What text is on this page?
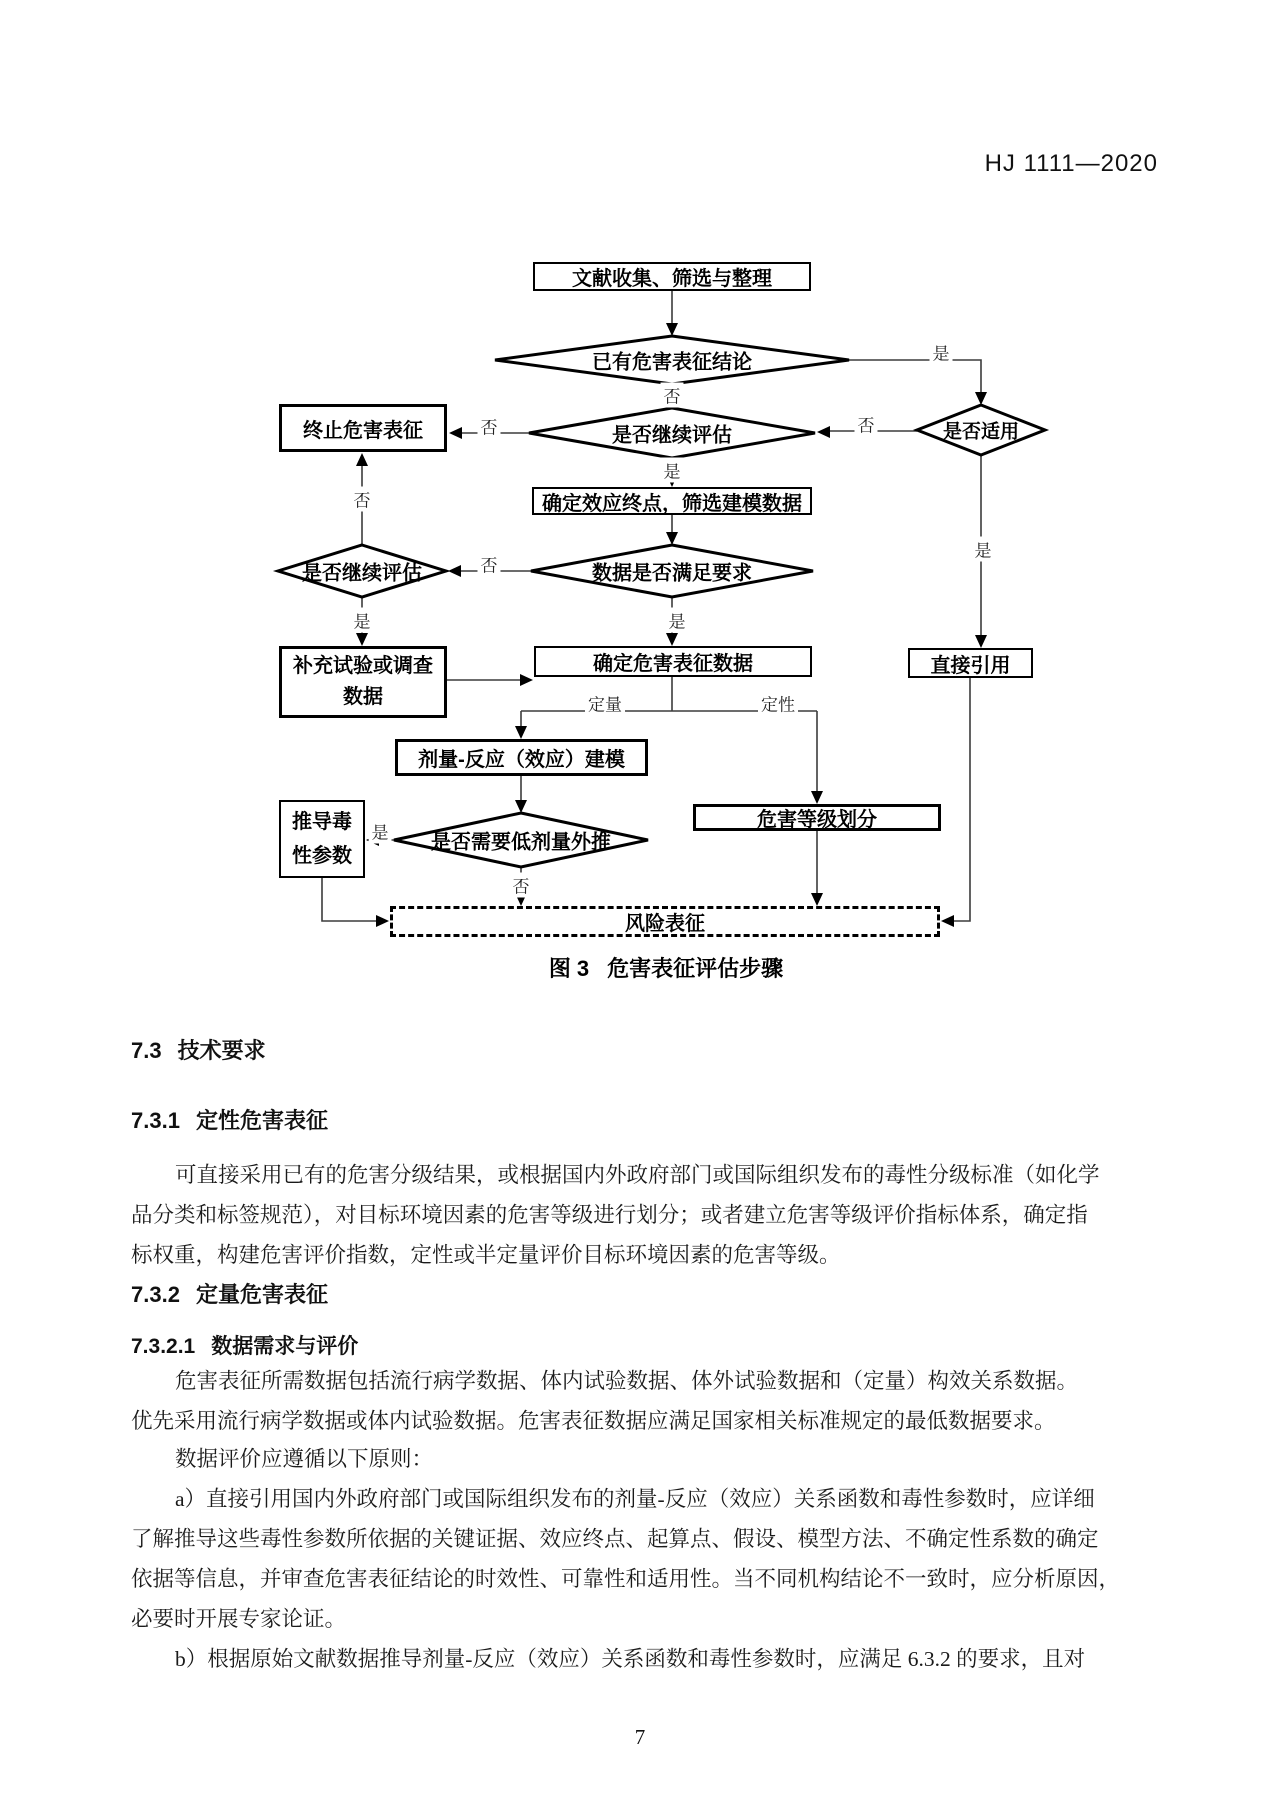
HJ 1111—2020
文献收集、筛选与整理
终止危害表征
确定效应终点，筛选建模数据
补充试验或调查数据
确定危害表征数据	直接引用
剂量-反应（效应）建模
推导毒性参数
危害等级划分
风险表征
已有危害表征结论
是否继续评估	是否适用
数据是否满足要求
是否继续评估
是否需要低剂量外推
否
是
否
否
是
是
否
否
是	是
定量	定性
是
否
图 3 危害表征评估步骤
7.3 技术要求
7.3.1 定性危害表征
可直接采用已有的危害分级结果，或根据国内外政府部门或国际组织发布的毒性分级标准（如化学
品分类和标签规范），对目标环境因素的危害等级进行划分；或者建立危害等级评价指标体系，确定指
标权重，构建危害评价指数，定性或半定量评价目标环境因素的危害等级。
7.3.2 定量危害表征
7.3.2.1 数据需求与评价
危害表征所需数据包括流行病学数据、体内试验数据、体外试验数据和（定量）构效关系数据。
优先采用流行病学数据或体内试验数据。危害表征数据应满足国家相关标准规定的最低数据要求。
数据评价应遵循以下原则：
a）直接引用国内外政府部门或国际组织发布的剂量-反应（效应）关系函数和毒性参数时，应详细
了解推导这些毒性参数所依据的关键证据、效应终点、起算点、假设、模型方法、不确定性系数的确定
依据等信息，并审查危害表征结论的时效性、可靠性和适用性。当不同机构结论不一致时，应分析原因，
必要时开展专家论证。
b）根据原始文献数据推导剂量-反应（效应）关系函数和毒性参数时，应满足 6.3.2 的要求，且对
7
